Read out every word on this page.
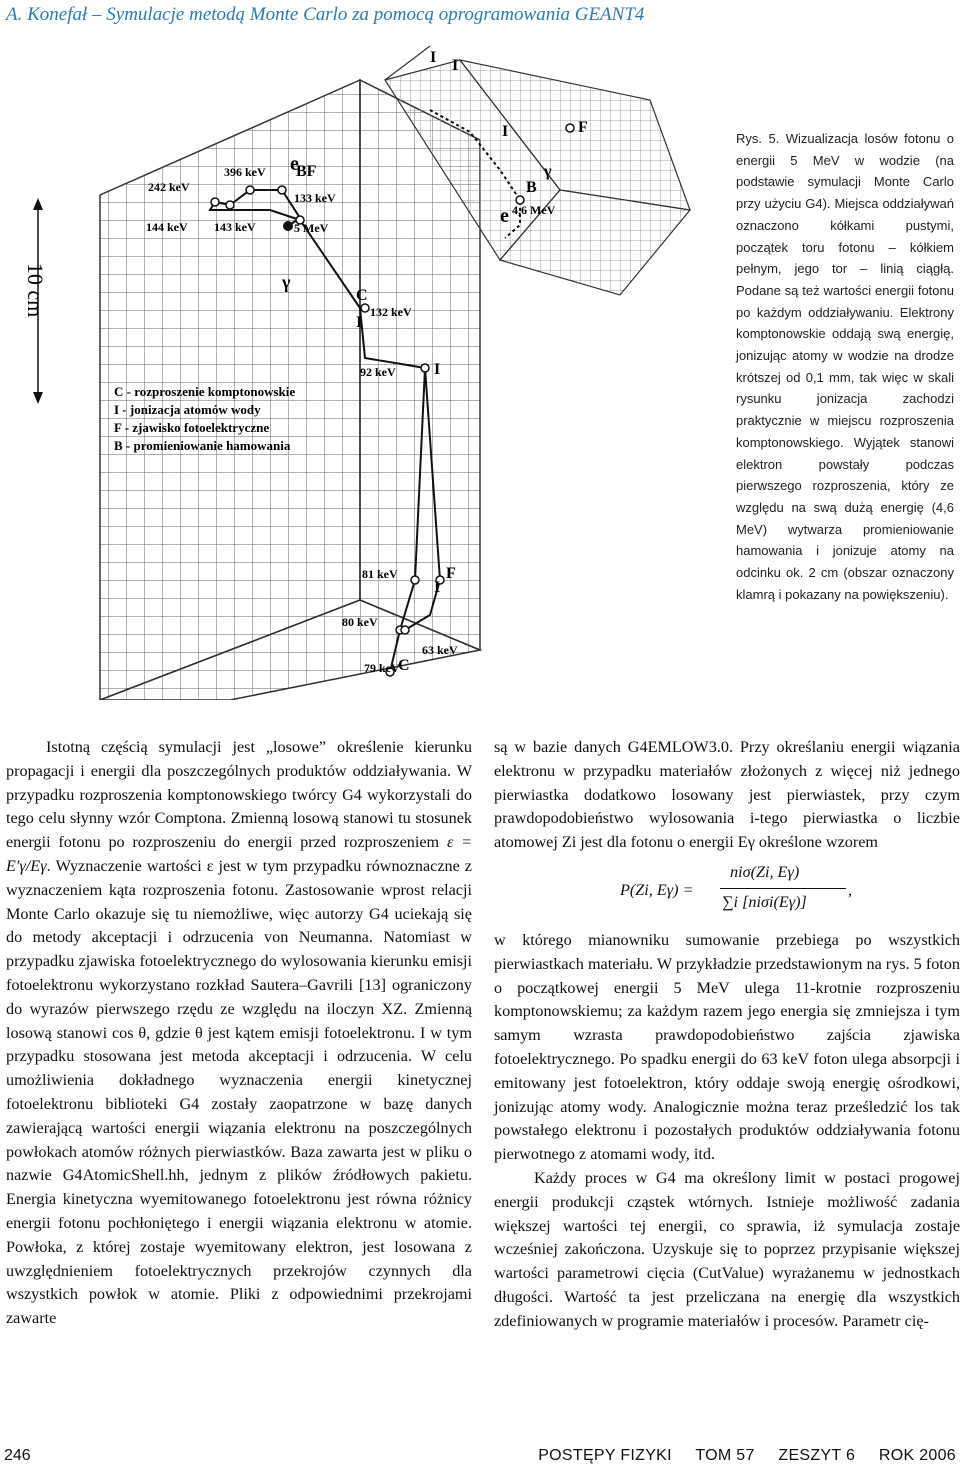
A. Konefał – Symulacje metodą Monte Carlo za pomocą oprogramowania GEANT4
10 cm
396 keV
242 keV
144 keV 143 keV
133 keV
5 MeV
132 keV
92 keV
81 keV
80 keV
79 keV
63 keV
4,6 MeV
γ
e
BF
C
I
I
F
I
C
F
B
γ
e
I I
I
C - rozproszenie komptonowskie
I - jonizacja atomów wody
F - zjawisko fotoelektryczne
B - promieniowanie hamowania
Rys. 5. Wizualizacja losów fotonu o energii 5 MeV w wodzie (na podstawie symulacji Monte Carlo przy użyciu G4). Miejsca oddziaływań oznaczono kółkami pustymi, początek toru fotonu – kółkiem pełnym, jego tor – linią ciągłą. Podane są też wartości energii fotonu po każdym oddziaływaniu. Elektrony komptonowskie oddają swą energię, jonizując atomy w wodzie na drodze krótszej od 0,1 mm, tak więc w skali rysunku jonizacja zachodzi praktycznie w miejscu rozproszenia komptonowskiego. Wyjątek stanowi elektron powstały podczas pierwszego rozproszenia, który ze względu na swą dużą energię (4,6 MeV) wytwarza promieniowanie hamowania i jonizuje atomy na odcinku ok. 2 cm (obszar oznaczony klamrą i pokazany na powiększeniu).

Istotną częścią symulacji jest „losowe” określenie kierunku propagacji i energii dla poszczególnych produktów oddziaływania. W przypadku rozproszenia komptonowskiego twórcy G4 wykorzystali do tego celu słynny wzór Comptona. Zmienną losową stanowi tu stosunek energii fotonu po rozproszeniu do energii przed rozproszeniem ε = E′γ/Eγ. Wyznaczenie wartości ε jest w tym przypadku równoznaczne z wyznaczeniem kąta rozproszenia fotonu. Zastosowanie wprost relacji Monte Carlo okazuje się tu niemożliwe, więc autorzy G4 uciekają się do metody akceptacji i odrzucenia von Neumanna. Natomiast w przypadku zjawiska fotoelektrycznego do wylosowania kierunku emisji fotoelektronu wykorzystano rozkład Sautera–Gavrili [13] ograniczony do wyrazów pierwszego rzędu ze względu na iloczyn XZ. Zmienną losową stanowi cos θ, gdzie θ jest kątem emisji fotoelektronu. I w tym przypadku stosowana jest metoda akceptacji i odrzucenia. W celu umożliwienia dokładnego wyznaczenia energii kinetycznej fotoelektronu biblioteki G4 zostały zaopatrzone w bazę danych zawierającą wartości energii wiązania elektronu na poszczególnych powłokach atomów różnych pierwiastków. Baza zawarta jest w pliku o nazwie G4AtomicShell.hh, jednym z plików źródłowych pakietu. Energia kinetyczna wyemitowanego fotoelektronu jest równa różnicy energii fotonu pochłoniętego i energii wiązania elektronu w atomie. Powłoka, z której zostaje wyemitowany elektron, jest losowana z uwzględnieniem fotoelektrycznych przekrojów czynnych dla wszystkich powłok w atomie. Pliki z odpowiednimi przekrojami zawarte

są w bazie danych G4EMLOW3.0. Przy określaniu energii wiązania elektronu w przypadku materiałów złożonych z więcej niż jednego pierwiastka dodatkowo losowany jest pierwiastek, przy czym prawdopodobieństwo wylosowania i-tego pierwiastka o liczbie atomowej Zi jest dla fotonu o energii Eγ określone wzorem

P(Zi, Eγ) =
niσ(Zi, Eγ)
∑i [niσi(Eγ)]
,

w którego mianowniku sumowanie przebiega po wszystkich pierwiastkach materiału. W przykładzie przedstawionym na rys. 5 foton o początkowej energii 5 MeV ulega 11-krotnie rozproszeniu komptonowskiemu; za każdym razem jego energia się zmniejsza i tym samym wzrasta prawdopodobieństwo zajścia zjawiska fotoelektrycznego. Po spadku energii do 63 keV foton ulega absorpcji i emitowany jest fotoelektron, który oddaje swoją energię ośrodkowi, jonizując atomy wody. Analogicznie można teraz prześledzić los tak powstałego elektronu i pozostałych produktów oddziaływania fotonu pierwotnego z atomami wody, itd.

Każdy proces w G4 ma określony limit w postaci progowej energii produkcji cząstek wtórnych. Istnieje możliwość zadania większej wartości tej energii, co sprawia, iż symulacja zostaje wcześniej zakończona. Uzyskuje się to poprzez przypisanie większej wartości parametrowi cięcia (CutValue) wyrażanemu w jednostkach długości. Wartość ta jest przeliczana na energię dla wszystkich zdefiniowanych w programie materiałów i procesów. Parametr cię-

246	POSTĘPY FIZYKI     TOM 57     ZESZYT 6     ROK 2006
